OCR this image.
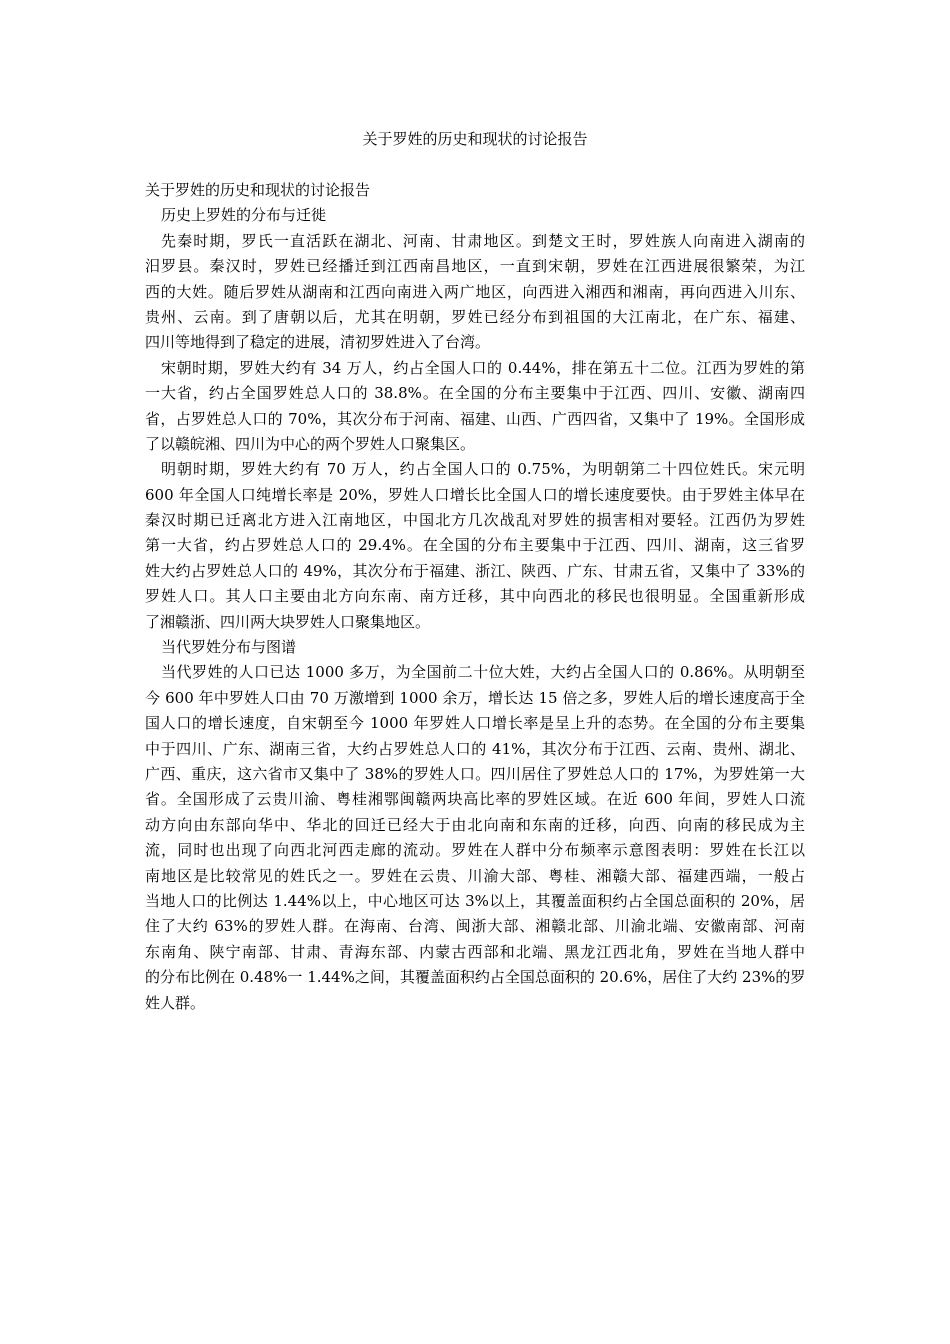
关于罗姓的历史和现状的讨论报告
关于罗姓的历史和现状的讨论报告
历史上罗姓的分布与迁徙
先秦时期，罗氏一直活跃在湖北、河南、甘肃地区。到楚文王时，罗姓族人向南进入湖南的
汨罗县。秦汉时，罗姓已经播迁到江西南昌地区，一直到宋朝，罗姓在江西进展很繁荣，为江
西的大姓。随后罗姓从湖南和江西向南进入两广地区，向西进入湘西和湘南，再向西进入川东、
贵州、云南。到了唐朝以后，尤其在明朝，罗姓已经分布到祖国的大江南北，在广东、福建、
四川等地得到了稳定的进展，清初罗姓进入了台湾。
宋朝时期，罗姓大约有 34 万人，约占全国人口的 0.44%，排在第五十二位。江西为罗姓的第
一大省，约占全国罗姓总人口的 38.8%。在全国的分布主要集中于江西、四川、安徽、湖南四
省，占罗姓总人口的 70%，其次分布于河南、福建、山西、广西四省，又集中了 19%。全国形成
了以赣皖湘、四川为中心的两个罗姓人口聚集区。
明朝时期，罗姓大约有 70 万人，约占全国人口的 0.75%，为明朝第二十四位姓氏。宋元明
600 年全国人口纯增长率是 20%，罗姓人口增长比全国人口的增长速度要快。由于罗姓主体早在
秦汉时期已迁离北方进入江南地区，中国北方几次战乱对罗姓的损害相对要轻。江西仍为罗姓
第一大省，约占罗姓总人口的 29.4%。在全国的分布主要集中于江西、四川、湖南，这三省罗
姓大约占罗姓总人口的 49%，其次分布于福建、浙江、陕西、广东、甘肃五省，又集中了 33%的
罗姓人口。其人口主要由北方向东南、南方迁移，其中向西北的移民也很明显。全国重新形成
了湘赣浙、四川两大块罗姓人口聚集地区。
当代罗姓分布与图谱
当代罗姓的人口已达 1000 多万，为全国前二十位大姓，大约占全国人口的 0.86%。从明朝至
今 600 年中罗姓人口由 70 万激增到 1000 余万，增长达 15 倍之多，罗姓人后的增长速度高于全
国人口的增长速度，自宋朝至今 1000 年罗姓人口增长率是呈上升的态势。在全国的分布主要集
中于四川、广东、湖南三省，大约占罗姓总人口的 41%，其次分布于江西、云南、贵州、湖北、
广西、重庆，这六省市又集中了 38%的罗姓人口。四川居住了罗姓总人口的 17%，为罗姓第一大
省。全国形成了云贵川渝、粤桂湘鄂闽赣两块高比率的罗姓区域。在近 600 年间，罗姓人口流
动方向由东部向华中、华北的回迁已经大于由北向南和东南的迁移，向西、向南的移民成为主
流，同时也出现了向西北河西走廊的流动。罗姓在人群中分布频率示意图表明：罗姓在长江以
南地区是比较常见的姓氏之一。罗姓在云贵、川渝大部、粤桂、湘赣大部、福建西端，一般占
当地人口的比例达 1.44%以上，中心地区可达 3%以上，其覆盖面积约占全国总面积的 20%，居
住了大约 63%的罗姓人群。在海南、台湾、闽浙大部、湘赣北部、川渝北端、安徽南部、河南
东南角、陕宁南部、甘肃、青海东部、内蒙古西部和北端、黑龙江西北角，罗姓在当地人群中
的分布比例在 0.48%一 1.44%之间，其覆盖面积约占全国总面积的 20.6%，居住了大约 23%的罗
姓人群。
